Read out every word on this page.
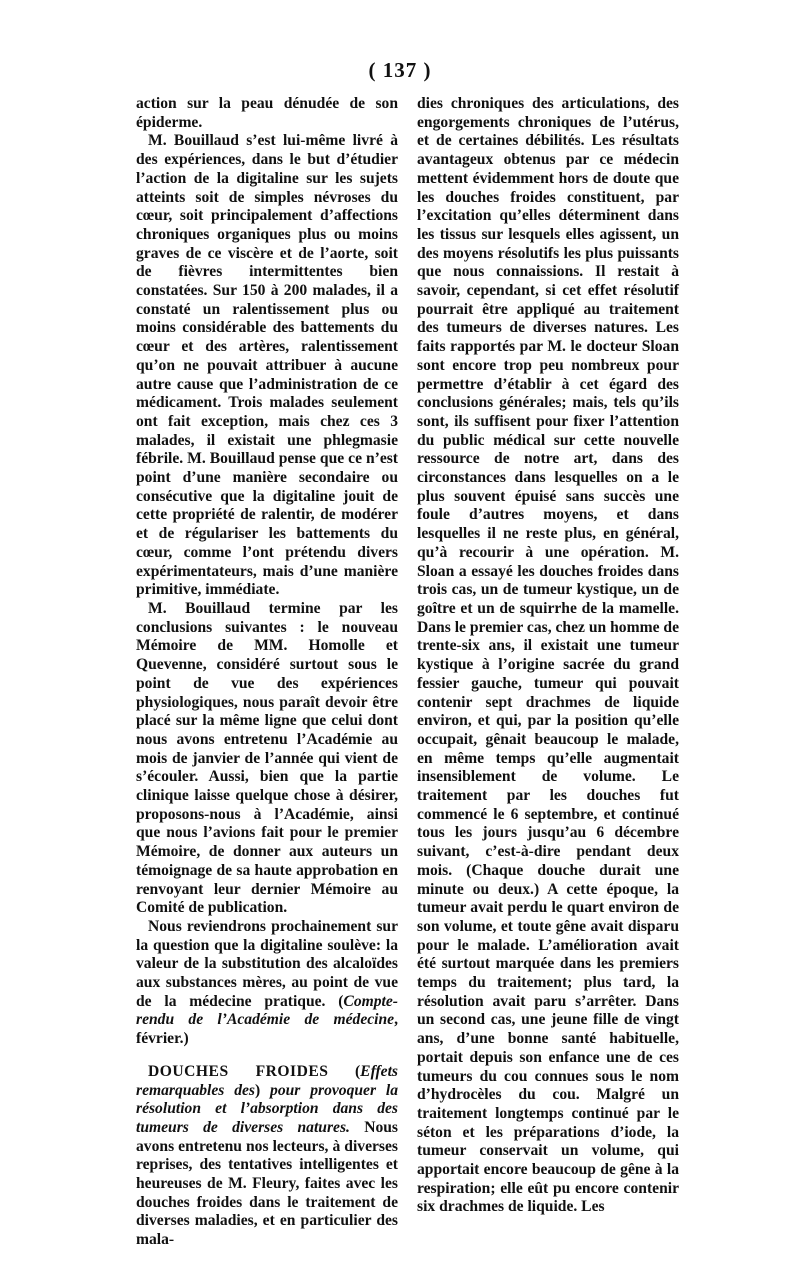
( 137 )

action sur la peau dénudée de son épiderme.

M. Bouillaud s’est lui-même livré à des expériences, dans le but d’étudier l’action de la digitaline sur les sujets atteints soit de simples névroses du cœur, soit principalement d’affections chroniques organiques plus ou moins graves de ce viscère et de l’aorte, soit de fièvres intermittentes bien constatées. Sur 150 à 200 malades, il a constaté un ralentissement plus ou moins considérable des battements du cœur et des artères, ralentissement qu’on ne pouvait attribuer à aucune autre cause que l’administration de ce médicament. Trois malades seulement ont fait exception, mais chez ces 3 malades, il existait une phlegmasie fébrile. M. Bouillaud pense que ce n’est point d’une manière secondaire ou consécutive que la digitaline jouit de cette propriété de ralentir, de modérer et de régulariser les battements du cœur, comme l’ont prétendu divers expérimentateurs, mais d’une manière primitive, immédiate.

M. Bouillaud termine par les conclusions suivantes : le nouveau Mémoire de MM. Homolle et Quevenne, considéré surtout sous le point de vue des expériences physiologiques, nous paraît devoir être placé sur la même ligne que celui dont nous avons entretenu l’Académie au mois de janvier de l’année qui vient de s’écouler. Aussi, bien que la partie clinique laisse quelque chose à désirer, proposons-nous à l’Académie, ainsi que nous l’avions fait pour le premier Mémoire, de donner aux auteurs un témoignage de sa haute approbation en renvoyant leur dernier Mémoire au Comité de publication.

Nous reviendrons prochainement sur la question que la digitaline soulève: la valeur de la substitution des alcaloïdes aux substances mères, au point de vue de la médecine pratique. (Compte-rendu de l’Académie de médecine, février.)

DOUCHES FROIDES (Effets remarquables des) pour provoquer la résolution et l’absorption dans des tumeurs de diverses natures. Nous avons entretenu nos lecteurs, à diverses reprises, des tentatives intelligentes et heureuses de M. Fleury, faites avec les douches froides dans le traitement de diverses maladies, et en particulier des mala-

dies chroniques des articulations, des engorgements chroniques de l’utérus, et de certaines débilités. Les résultats avantageux obtenus par ce médecin mettent évidemment hors de doute que les douches froides constituent, par l’excitation qu’elles déterminent dans les tissus sur lesquels elles agissent, un des moyens résolutifs les plus puissants que nous connaissions. Il restait à savoir, cependant, si cet effet résolutif pourrait être appliqué au traitement des tumeurs de diverses natures. Les faits rapportés par M. le docteur Sloan sont encore trop peu nombreux pour permettre d’établir à cet égard des conclusions générales; mais, tels qu’ils sont, ils suffisent pour fixer l’attention du public médical sur cette nouvelle ressource de notre art, dans des circonstances dans lesquelles on a le plus souvent épuisé sans succès une foule d’autres moyens, et dans lesquelles il ne reste plus, en général, qu’à recourir à une opération. M. Sloan a essayé les douches froides dans trois cas, un de tumeur kystique, un de goître et un de squirrhe de la mamelle. Dans le premier cas, chez un homme de trente-six ans, il existait une tumeur kystique à l’origine sacrée du grand fessier gauche, tumeur qui pouvait contenir sept drachmes de liquide environ, et qui, par la position qu’elle occupait, gênait beaucoup le malade, en même temps qu’elle augmentait insensiblement de volume. Le traitement par les douches fut commencé le 6 septembre, et continué tous les jours jusqu’au 6 décembre suivant, c’est-à-dire pendant deux mois. (Chaque douche durait une minute ou deux.) A cette époque, la tumeur avait perdu le quart environ de son volume, et toute gêne avait disparu pour le malade. L’amélioration avait été surtout marquée dans les premiers temps du traitement; plus tard, la résolution avait paru s’arrêter. Dans un second cas, une jeune fille de vingt ans, d’une bonne santé habituelle, portait depuis son enfance une de ces tumeurs du cou connues sous le nom d’hydrocèles du cou. Malgré un traitement longtemps continué par le séton et les préparations d’iode, la tumeur conservait un volume, qui apportait encore beaucoup de gêne à la respiration; elle eût pu encore contenir six drachmes de liquide. Les
